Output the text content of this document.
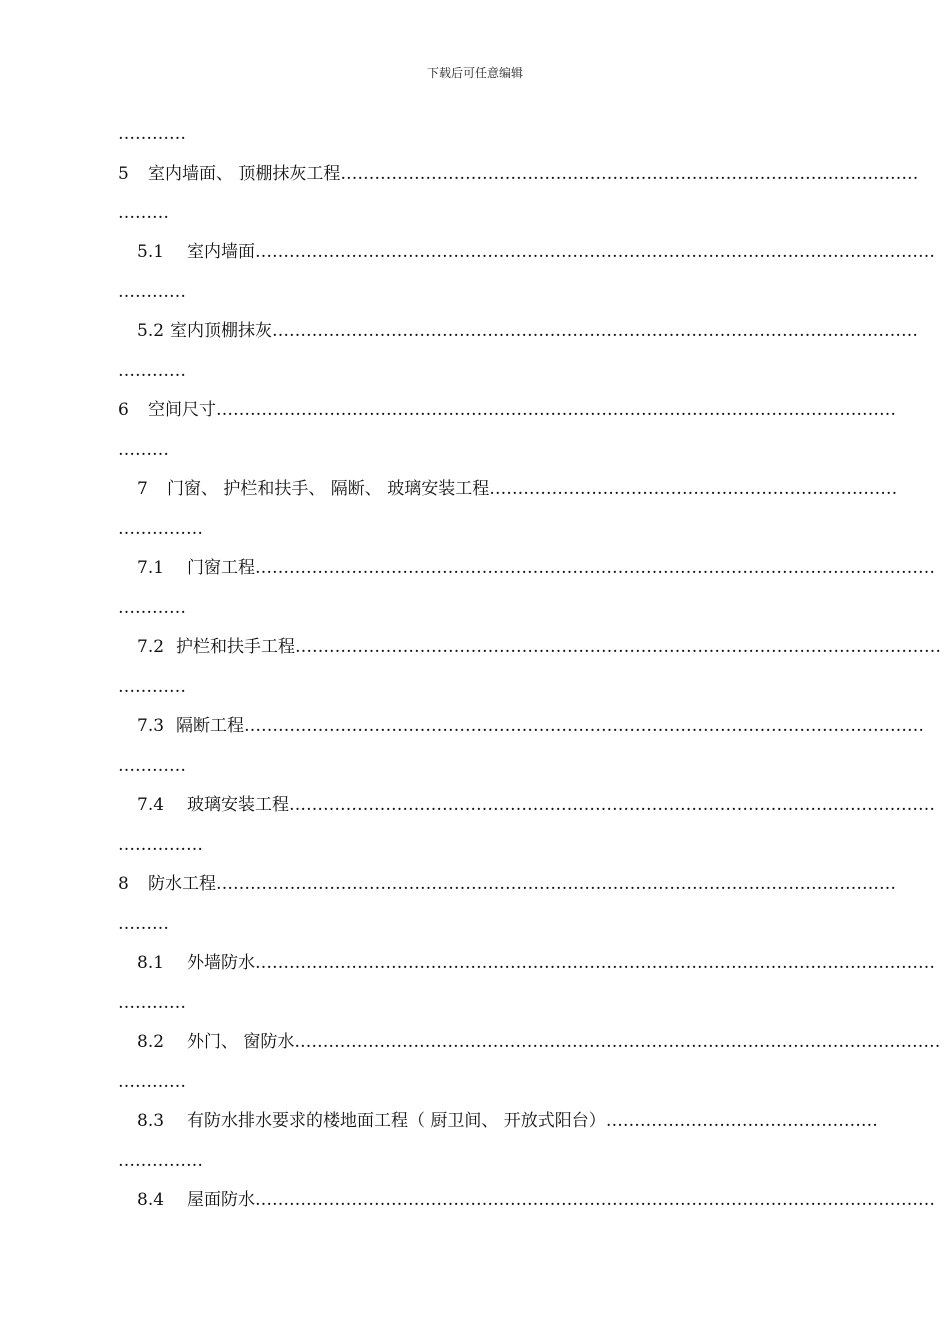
下载后可任意编辑
…………
5	室内墙面、 顶棚抹灰工程 …………………………………………………………………………………………
………
5.1	室内墙面 …………………………………………………………………………………………………………
…………
5.2 室内顶棚抹灰 ……………………………………………………………………………………………………
…………
6	空间尺寸 …………………………………………………………………………………………………………
………
7	门窗、 护栏和扶手、 隔断、 玻璃安装工程 ………………………………………………………………
……………
7.1	门窗工程 …………………………………………………………………………………………………………
…………
7.2 护栏和扶手工程 ……………………………………………………………………………………………………
…………
7.3 隔断工程 …………………………………………………………………………………………………………
…………
7.4	玻璃安装工程 ……………………………………………………………………………………………………
……………
8	防水工程 …………………………………………………………………………………………………………
………
8.1	外墙防水 …………………………………………………………………………………………………………
…………
8.2	外门、 窗防水 ……………………………………………………………………………………………………
…………
8.3	有防水排水要求的楼地面工程（ 厨卫间、 开放式阳台） …………………………………………
……………
8.4	屋面防水 …………………………………………………………………………………………………………
